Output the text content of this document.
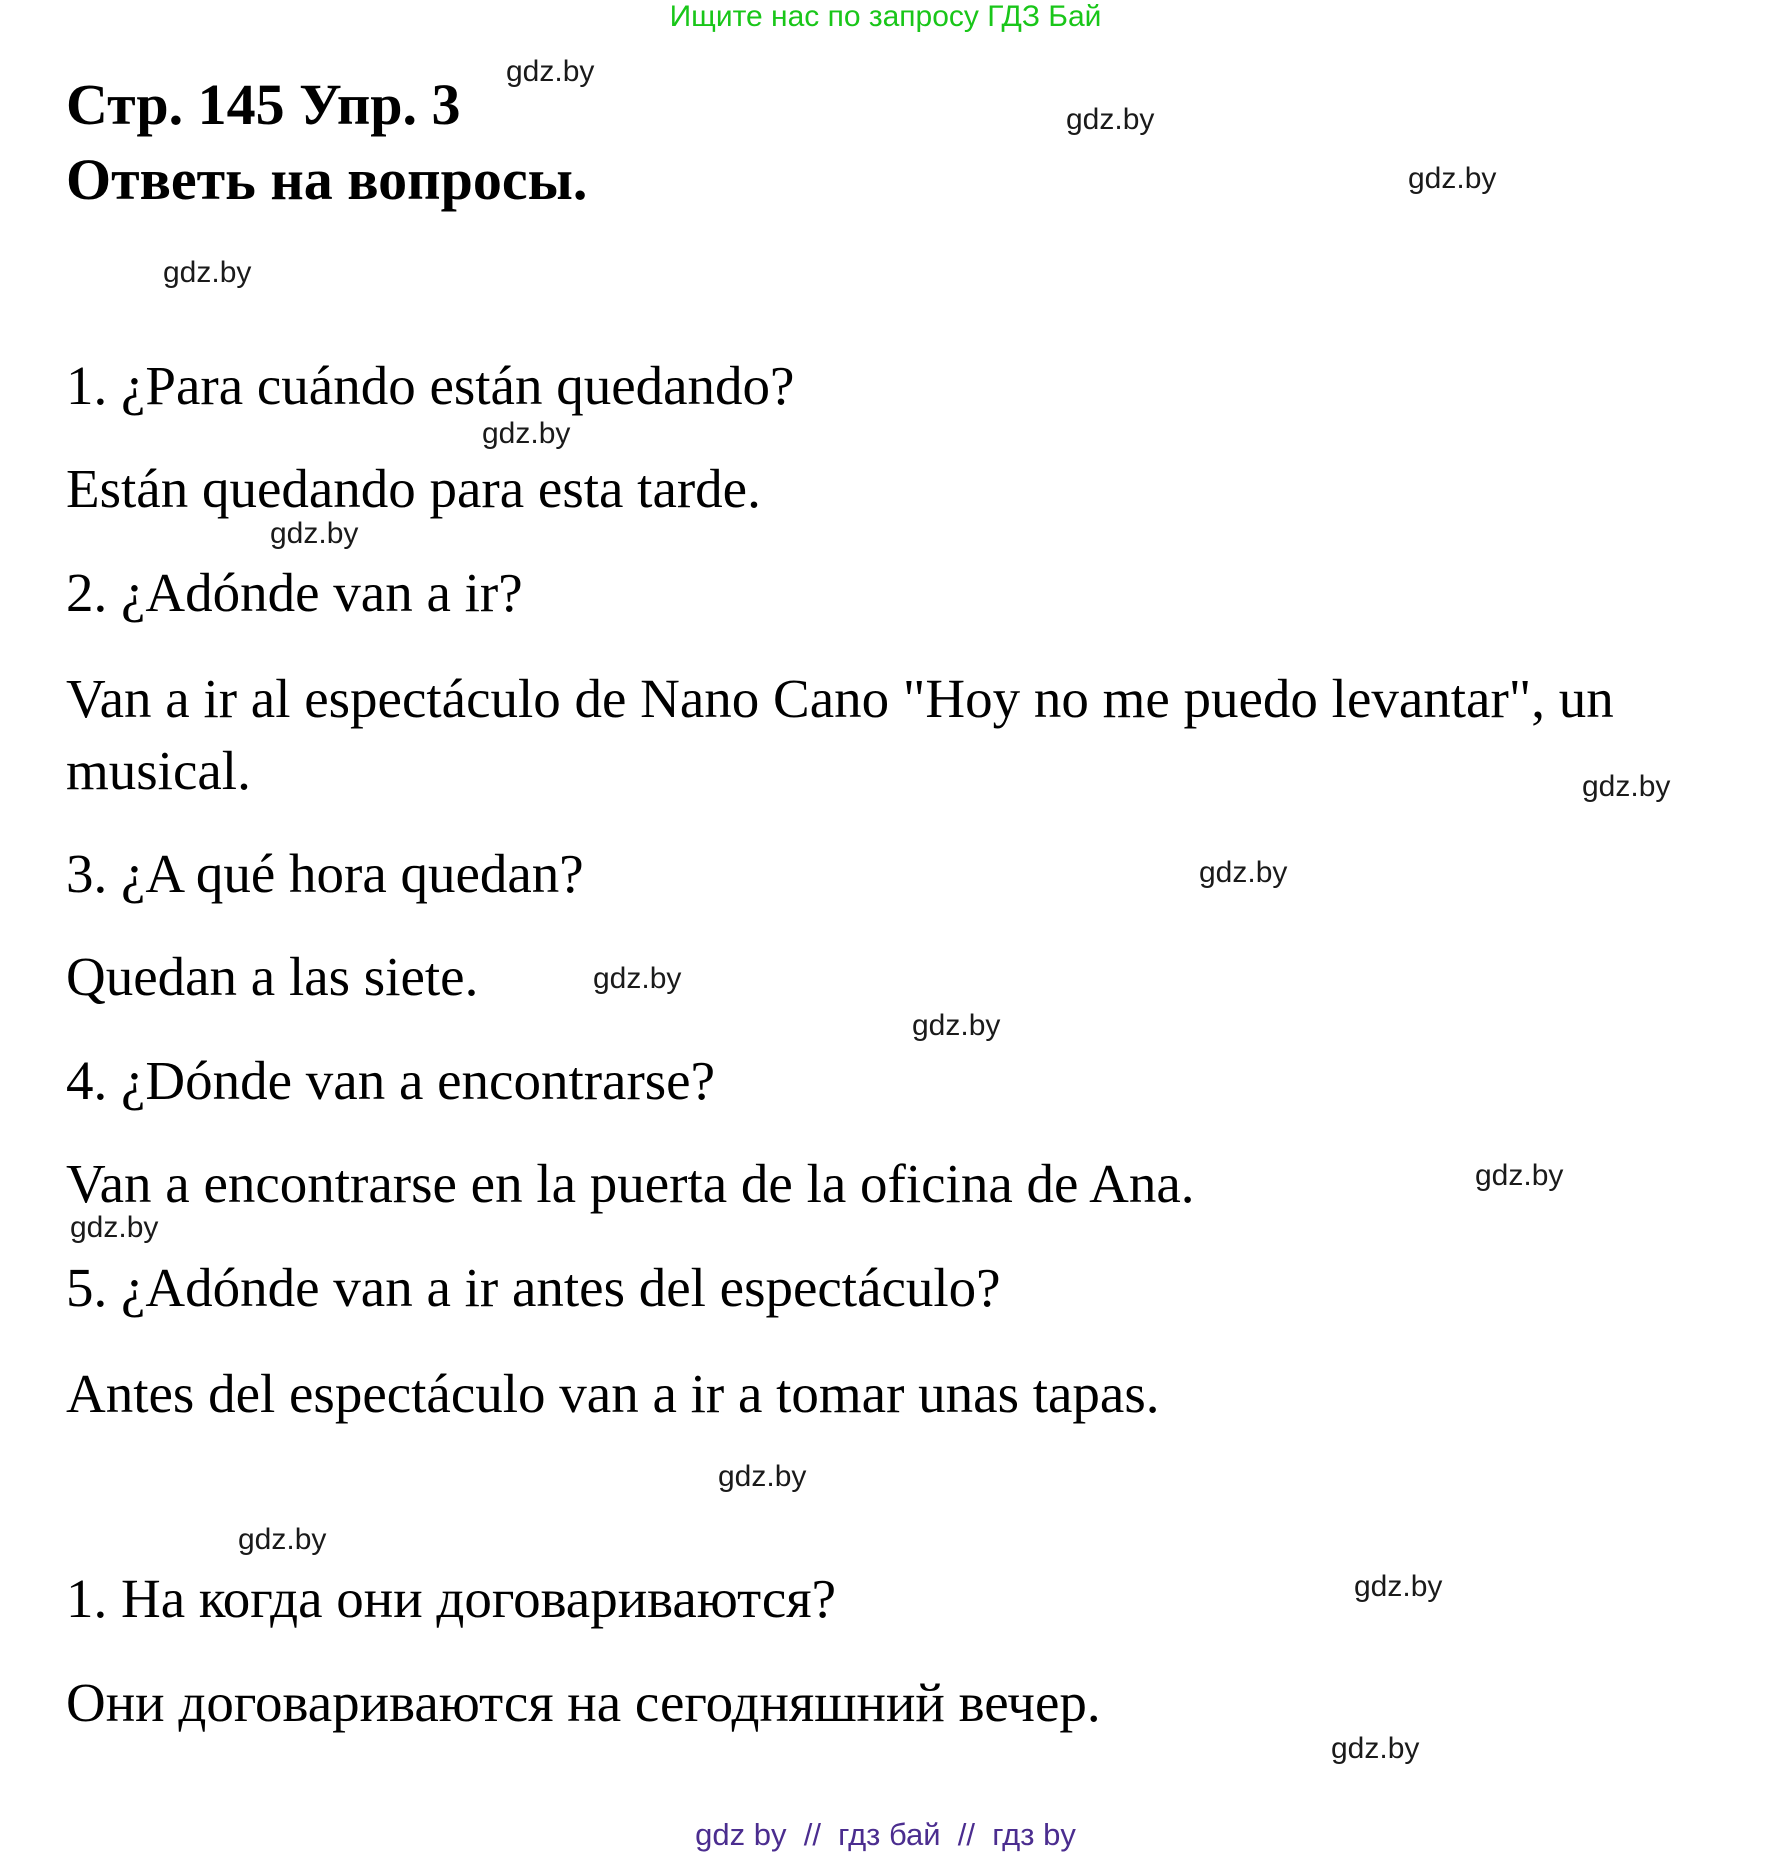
Ищите нас по запросу ГДЗ Бай
Стр. 145 Упр. 3
Ответь на вопросы.
1. ¿Para cuándo están quedando?
Están quedando para esta tarde.
2. ¿Adónde van a ir?
Van a ir al espectáculo de Nano Cano "Hoy no me puedo levantar", un musical.
3. ¿A qué hora quedan?
Quedan a las siete.
4. ¿Dónde van a encontrarse?
Van a encontrarse en la puerta de la oficina de Ana.
5. ¿Adónde van a ir antes del espectáculo?
Antes del espectáculo van a ir a tomar unas tapas.
1. На когда они договариваются?
Они договариваются на сегодняшний вечер.
gdz.by
gdz.by
gdz.by
gdz.by
gdz.by
gdz.by
gdz.by
gdz.by
gdz.by
gdz.by
gdz.by
gdz.by
gdz.by
gdz.by
gdz.by
gdz.by
gdz by  //  гдз бай  //  гдз by
